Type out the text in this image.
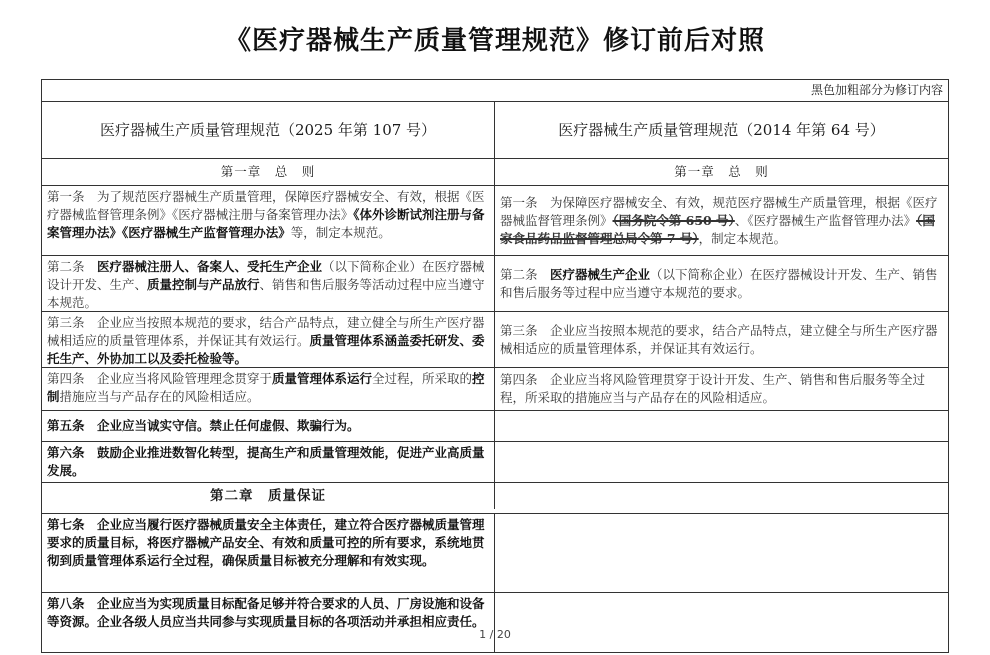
《医疗器械生产质量管理规范》修订前后对照
黑色加粗部分为修订内容
医疗器械生产质量管理规范（2025 年第 107 号）	医疗器械生产质量管理规范（2014 年第 64 号）
第一章　总　则	第一章　总　则
第一条　为了规范医疗器械生产质量管理，保障医疗器械安全、有效，根据《医疗器械监督管理条例》《医疗器械注册与备案管理办法》《体外诊断试剂注册与备案管理办法》《医疗器械生产监督管理办法》等，制定本规范。
第一条　为保障医疗器械安全、有效，规范医疗器械生产质量管理，根据《医疗器械监督管理条例》（国务院令第 650 号）、《医疗器械生产监督管理办法》（国家食品药品监督管理总局令第 7 号），制定本规范。
第二条　医疗器械注册人、备案人、受托生产企业（以下简称企业）在医疗器械设计开发、生产、质量控制与产品放行、销售和售后服务等活动过程中应当遵守本规范。
第二条　医疗器械生产企业（以下简称企业）在医疗器械设计开发、生产、销售和售后服务等过程中应当遵守本规范的要求。
第三条　企业应当按照本规范的要求，结合产品特点，建立健全与所生产医疗器械相适应的质量管理体系，并保证其有效运行。质量管理体系涵盖委托研发、委托生产、外协加工以及委托检验等。
第三条　企业应当按照本规范的要求，结合产品特点，建立健全与所生产医疗器械相适应的质量管理体系，并保证其有效运行。
第四条　企业应当将风险管理理念贯穿于质量管理体系运行全过程，所采取的控制措施应当与产品存在的风险相适应。
第四条　企业应当将风险管理贯穿于设计开发、生产、销售和售后服务等全过程，所采取的措施应当与产品存在的风险相适应。
第五条　企业应当诚实守信。禁止任何虚假、欺骗行为。
第六条　鼓励企业推进数智化转型，提高生产和质量管理效能，促进产业高质量发展。
第二章　质量保证
第七条　企业应当履行医疗器械质量安全主体责任，建立符合医疗器械质量管理要求的质量目标，将医疗器械产品安全、有效和质量可控的所有要求，系统地贯彻到质量管理体系运行全过程，确保质量目标被充分理解和有效实现。
第八条　企业应当为实现质量目标配备足够并符合要求的人员、厂房设施和设备等资源。企业各级人员应当共同参与实现质量目标的各项活动并承担相应责任。
1 / 20
